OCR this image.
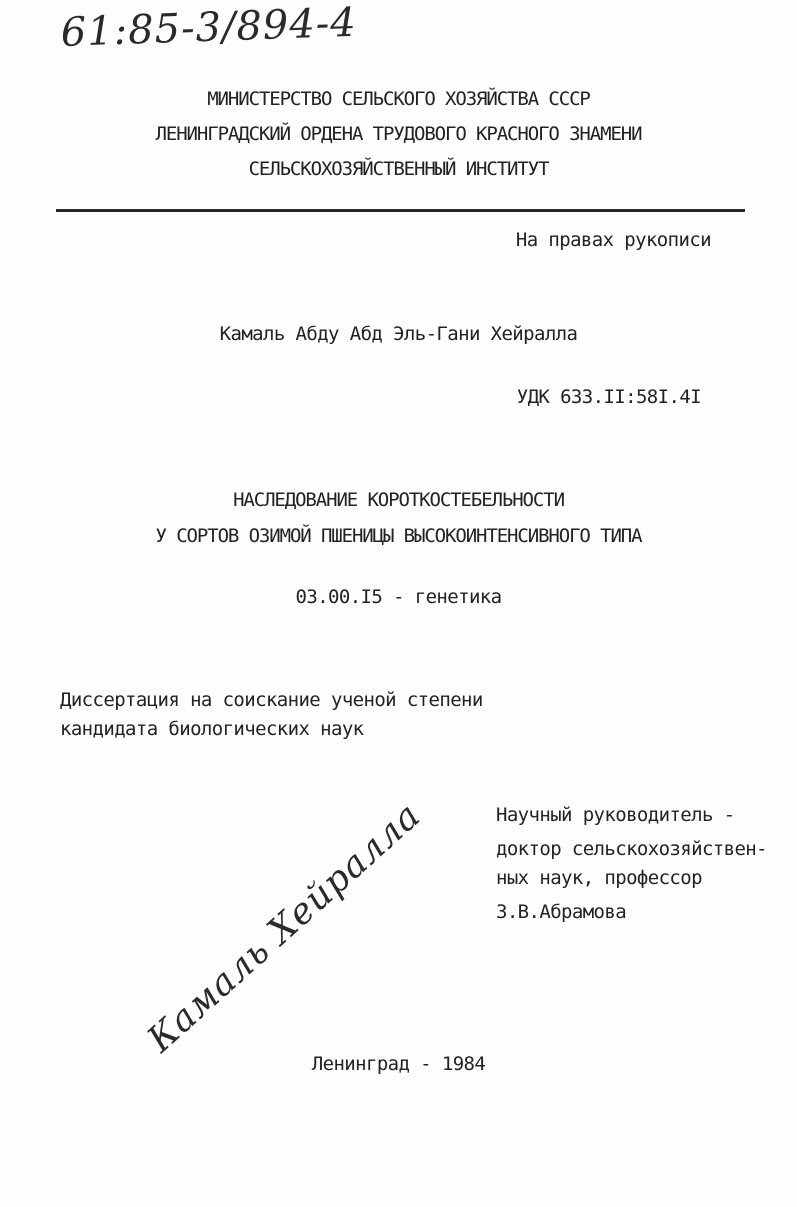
61:85-3/894-4
МИНИСТЕРСТВО СЕЛЬСКОГО ХОЗЯЙСТВА СССР
ЛЕНИНГРАДСКИЙ ОРДЕНА ТРУДОВОГО КРАСНОГО ЗНАМЕНИ
СЕЛЬСКОХОЗЯЙСТВЕННЫЙ ИНСТИТУТ
На правах рукописи
Камаль Абду Абд Эль-Гани Хейралла
УДК 633.II:58I.4I
НАСЛЕДОВАНИЕ КОРОТКОСТЕБЕЛЬНОСТИ
У СОРТОВ ОЗИМОЙ ПШЕНИЦЫ ВЫСОКОИНТЕНСИВНОГО ТИПА
03.00.I5 - генетика
Диссертация на соискание ученой степени
кандидата биологических наук
Научный руководитель -
доктор сельскохозяйствен-
ных наук, профессор
З.В.Абрамова
Камаль Хейралла
Ленинград - 1984
